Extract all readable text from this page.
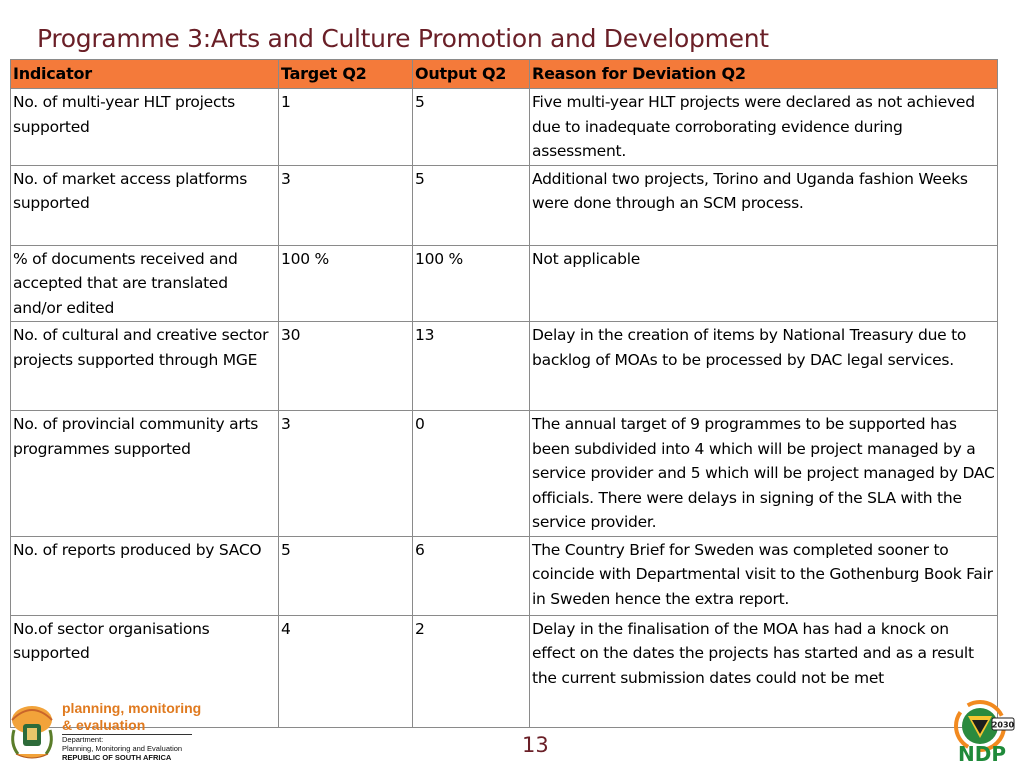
Programme 3:Arts and Culture Promotion and Development
Indicator	Target Q2	Output Q2	Reason for Deviation Q2
No. of multi-year HLT projects supported	1	5	Five multi-year HLT projects were declared as not achieved due to inadequate corroborating evidence during assessment.
No. of market access platforms supported	3	5	Additional two projects, Torino and Uganda fashion Weeks were done through an SCM process.
% of documents received and accepted that are translated and/or edited	100 %	100 %	Not applicable
No. of cultural and creative sector projects supported through MGE	30	13	Delay in the creation of items by National Treasury due to backlog of MOAs to be processed by DAC legal services.
No. of provincial community arts programmes supported	3	0	The annual target of 9 programmes to be supported has been subdivided into 4 which will be project managed by a service provider and 5 which will be project managed by DAC officials. There were delays in signing of the SLA with the service provider.
No. of reports produced by SACO	5	6	The Country Brief for Sweden was completed sooner to coincide with Departmental visit to the Gothenburg Book Fair in Sweden hence the extra report.
No.of sector organisations supported	4	2	Delay in the finalisation of the MOA has had a knock on effect on the dates the projects has started and as a result the current submission dates could not be met
planning, monitoring
& evaluation
Department:
Planning, Monitoring and Evaluation
REPUBLIC OF SOUTH AFRICA
13
2030
NDP
